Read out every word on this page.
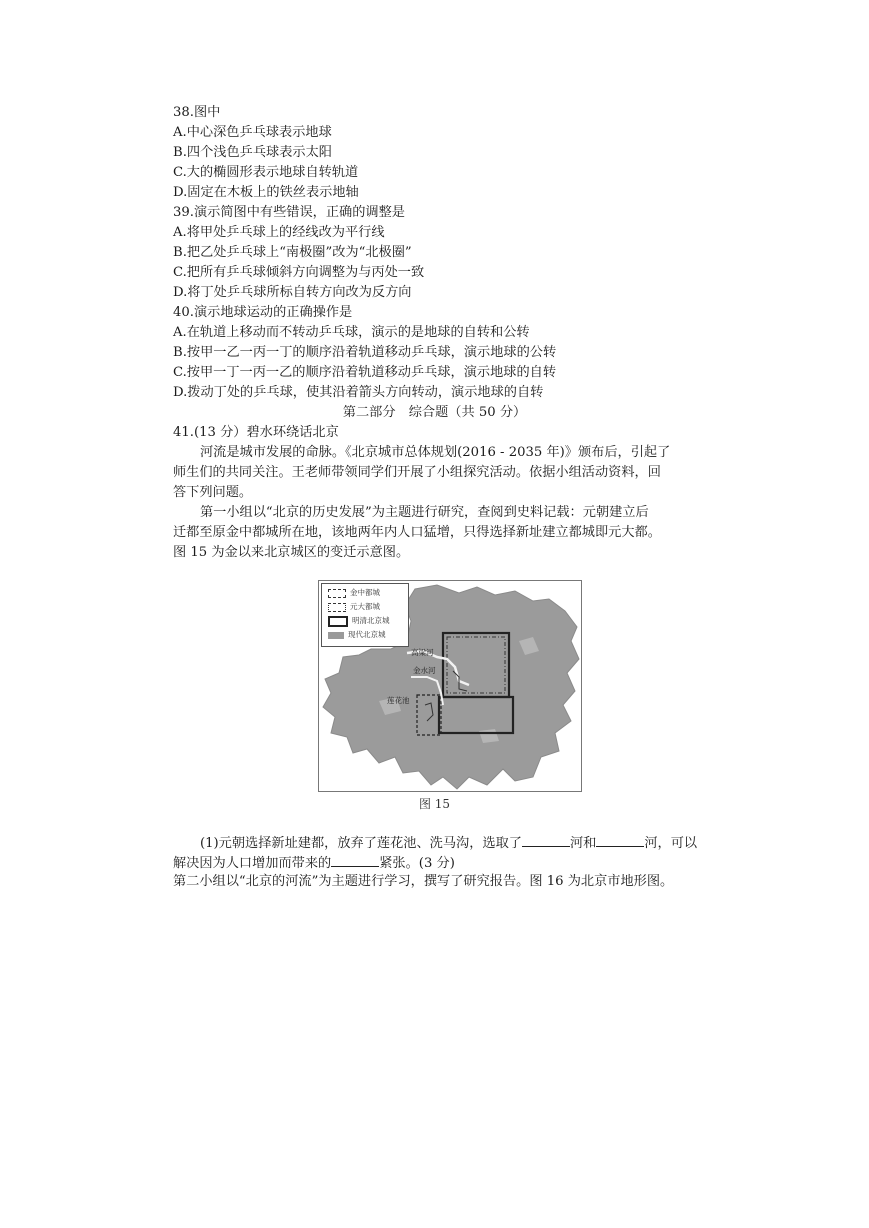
38.图中
A.中心深色乒乓球表示地球
B.四个浅色乒乓球表示太阳
C.大的椭圆形表示地球自转轨道
D.固定在木板上的铁丝表示地轴
39.演示简图中有些错误，正确的调整是
A.将甲处乒乓球上的经线改为平行线
B.把乙处乒乓球上“南极圈”改为“北极圈”
C.把所有乒乓球倾斜方向调整为与丙处一致
D.将丁处乒乓球所标自转方向改为反方向
40.演示地球运动的正确操作是
A.在轨道上移动而不转动乒乓球，演示的是地球的自转和公转
B.按甲一乙一丙一丁的顺序沿着轨道移动乒乓球，演示地球的公转
C.按甲一丁一丙一乙的顺序沿着轨道移动乒乓球，演示地球的自转
D.拨动丁处的乒乓球，使其沿着箭头方向转动，演示地球的自转
第二部分　综合题（共 50 分）
41.(13 分）碧水环绕话北京
河流是城市发展的命脉。《北京城市总体规划(2016 - 2035 年)》颁布后，引起了
师生们的共同关注。王老师带领同学们开展了小组探究活动。依据小组活动资料，回
答下列问题。
第一小组以“北京的历史发展”为主题进行研究，查阅到史料记载：元朝建立后
迁都至原金中都城所在地，该地两年内人口猛增，只得选择新址建立都城即元大都。
图 15 为金以来北京城区的变迁示意图。
金中都城
元大都城
明清北京城
现代北京城
高梁河
金水河
莲花池
图 15
(1)元朝选择新址建都，放弃了莲花池、洗马沟，选取了	河和	河，可以
解决因为人口增加而带来的	紧张。(3 分)
第二小组以“北京的河流”为主题进行学习，撰写了研究报告。图 16 为北京市地形图。
